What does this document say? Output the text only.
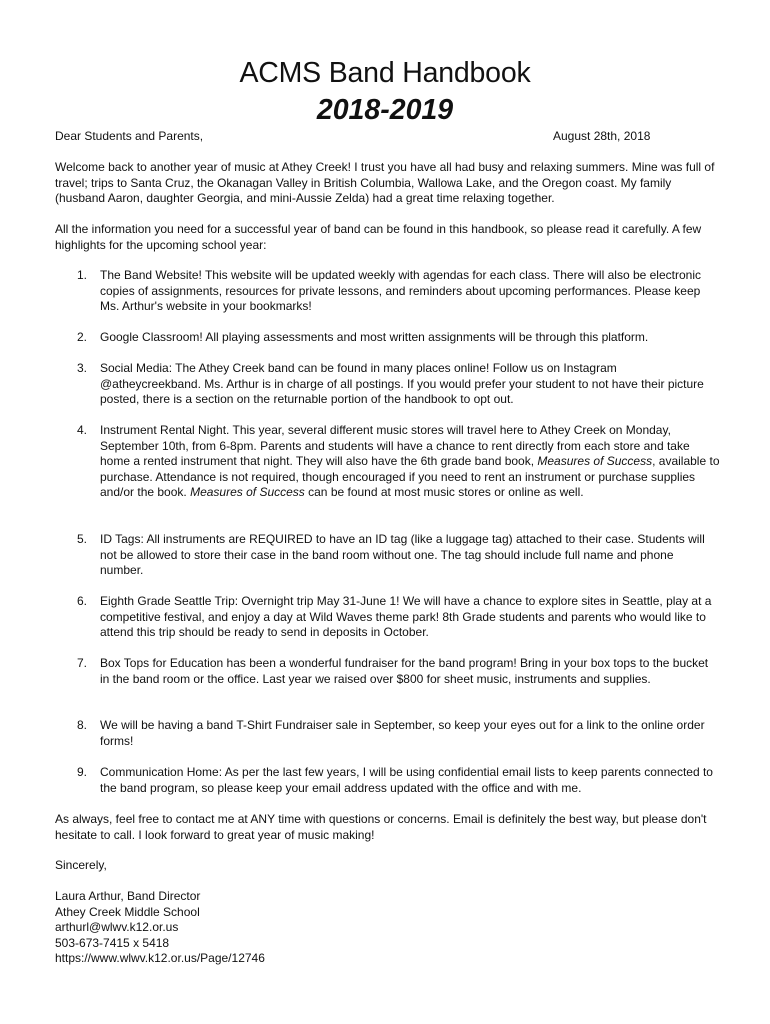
ACMS Band Handbook
2018-2019
Dear Students and Parents,	August 28th, 2018

Welcome back to another year of music at Athey Creek! I trust you have all had busy and relaxing summers. Mine was full of travel; trips to Santa Cruz, the Okanagan Valley in British Columbia, Wallowa Lake, and the Oregon coast. My family (husband Aaron, daughter Georgia, and mini-Aussie Zelda) had a great time relaxing together.

All the information you need for a successful year of band can be found in this handbook, so please read it carefully. A few highlights for the upcoming school year:

1. The Band Website! This website will be updated weekly with agendas for each class. There will also be electronic copies of assignments, resources for private lessons, and reminders about upcoming performances. Please keep Ms. Arthur's website in your bookmarks!
2. Google Classroom! All playing assessments and most written assignments will be through this platform.
3. Social Media: The Athey Creek band can be found in many places online! Follow us on Instagram @atheycreekband. Ms. Arthur is in charge of all postings. If you would prefer your student to not have their picture posted, there is a section on the returnable portion of the handbook to opt out.
4. Instrument Rental Night. This year, several different music stores will travel here to Athey Creek on Monday, September 10th, from 6-8pm. Parents and students will have a chance to rent directly from each store and take home a rented instrument that night. They will also have the 6th grade band book, Measures of Success, available to purchase. Attendance is not required, though encouraged if you need to rent an instrument or purchase supplies and/or the book. Measures of Success can be found at most music stores or online as well.
5. ID Tags: All instruments are REQUIRED to have an ID tag (like a luggage tag) attached to their case. Students will not be allowed to store their case in the band room without one. The tag should include full name and phone number.
6. Eighth Grade Seattle Trip: Overnight trip May 31-June 1! We will have a chance to explore sites in Seattle, play at a competitive festival, and enjoy a day at Wild Waves theme park! 8th Grade students and parents who would like to attend this trip should be ready to send in deposits in October.
7. Box Tops for Education has been a wonderful fundraiser for the band program! Bring in your box tops to the bucket in the band room or the office. Last year we raised over $800 for sheet music, instruments and supplies.
8. We will be having a band T-Shirt Fundraiser sale in September, so keep your eyes out for a link to the online order forms!
9. Communication Home: As per the last few years, I will be using confidential email lists to keep parents connected to the band program, so please keep your email address updated with the office and with me.

As always, feel free to contact me at ANY time with questions or concerns. Email is definitely the best way, but please don't hesitate to call. I look forward to great year of music making!

Sincerely,
Laura Arthur, Band Director
Athey Creek Middle School
arthurl@wlwv.k12.or.us
503-673-7415 x 5418
https://www.wlwv.k12.or.us/Page/12746
